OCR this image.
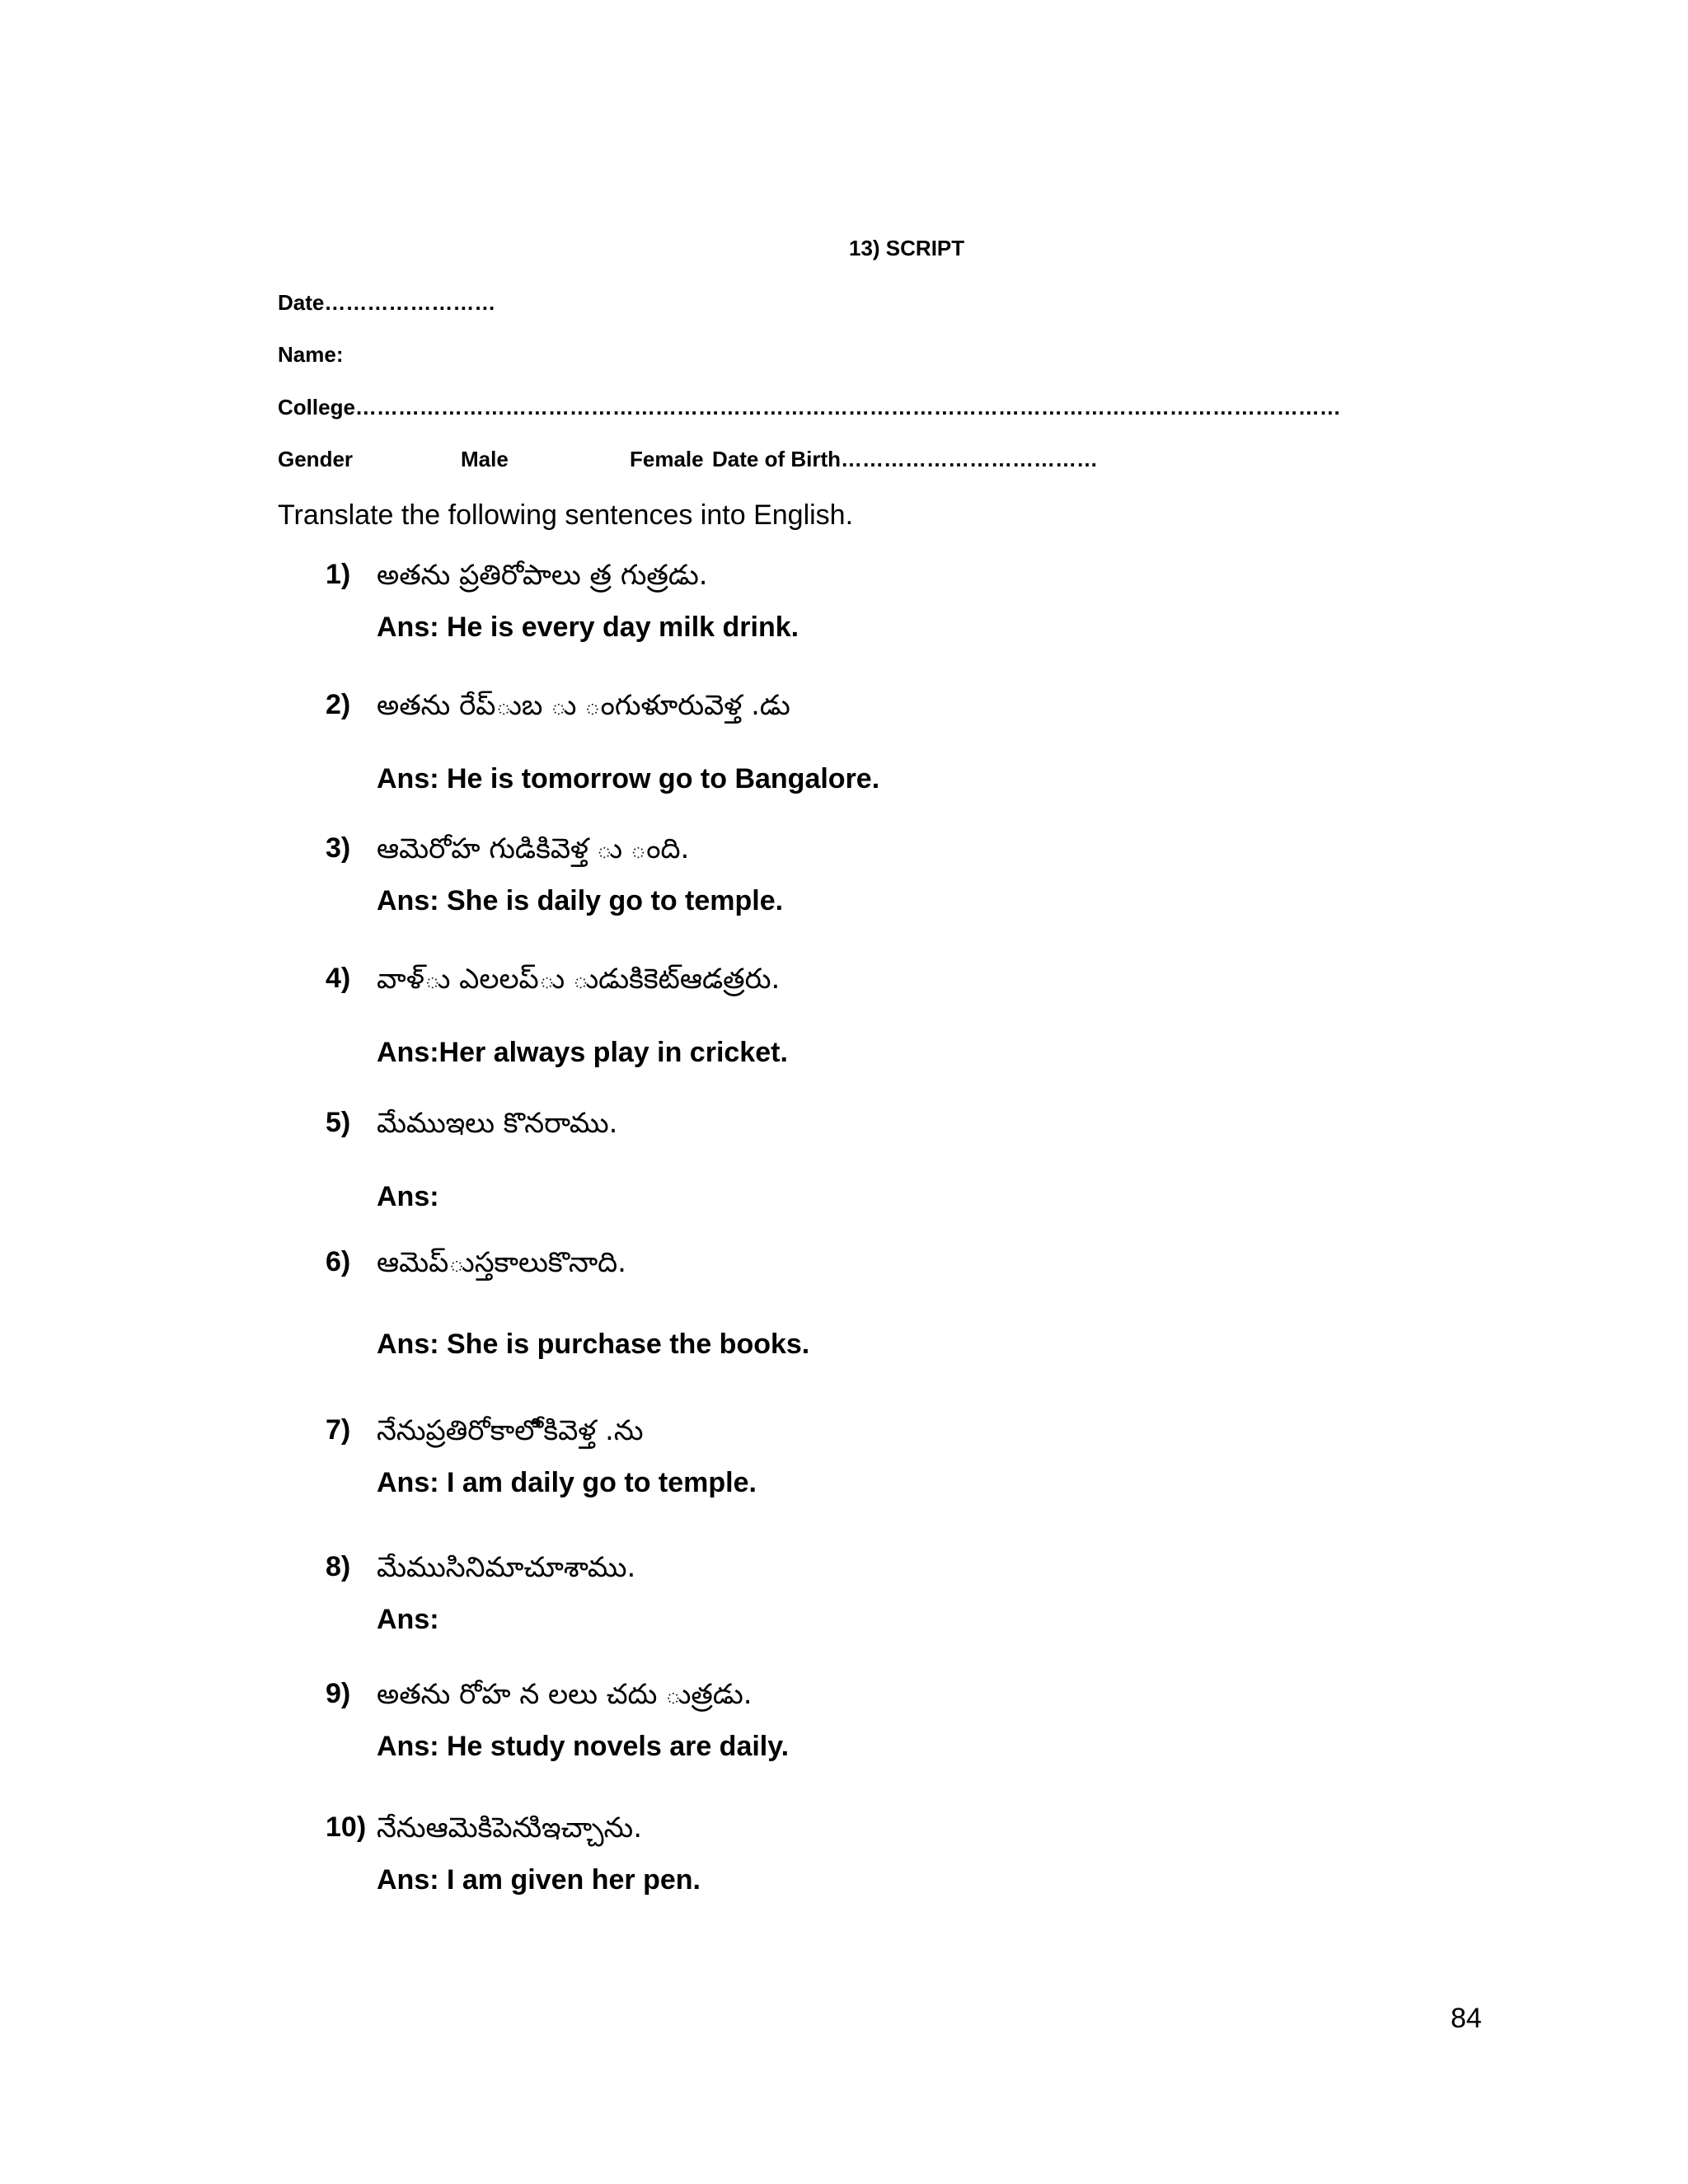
13) SCRIPT
Date……………………
Name:
College…………………………………………………………………………………………………………………………
Gender	Male	Female Date of Birth………………………………
Translate the following sentences into English.
1) అతను ప్రతిరోపాలు త్ర గుత్రడు.
Ans: He is every day milk drink.
2) అతను రేప్ుబ ు ంగుళూరువెళ్త .డు
Ans: He is tomorrow go to Bangalore.
3) ఆమెరోహ గుడికివెళ్త ు ంది.
Ans: She is daily go to temple.
4) వాళ్ు ఎలలప్ు ుడుకిికెట్ఆడత్రరు.
Ans:Her always play in cricket.
5) మేముఇలు కొనరాము.
Ans:
6) ఆమెప్ుస్తకాలుకొనాది.
Ans: She is purchase the books.
7) నేనుప్రతిరోకాలోికివెళ్త .ను
Ans: I am daily go to temple.
8) మేముసినిమాచూశాము.
Ans:
9) అతను రోహ న లలు చదు ుత్రడు.
Ans: He study novels are daily.
10) నేనుఆమెకిపెనుిఇచ్చాను.
Ans: I am given her pen.
84
